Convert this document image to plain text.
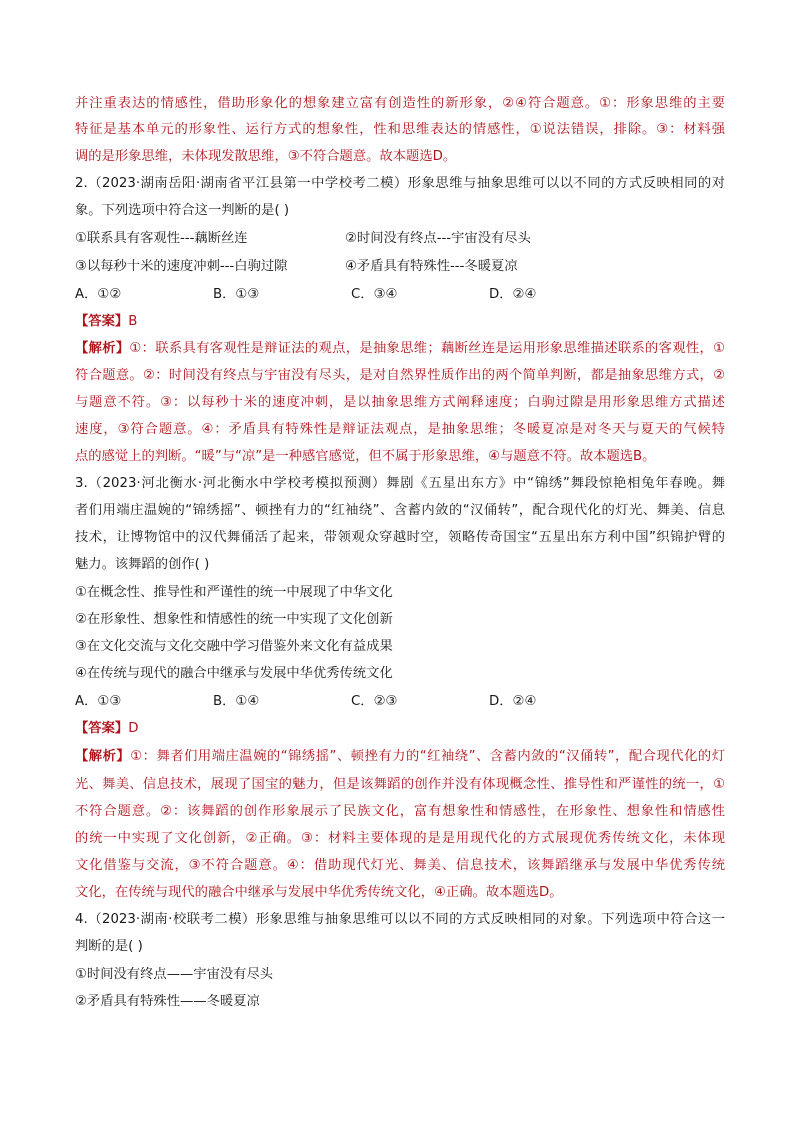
并注重表达的情感性，借助形象化的想象建立富有创造性的新形象，②④符合题意。①：形象思维的主要
特征是基本单元的形象性、运行方式的想象性，性和思维表达的情感性，①说法错误，排除。③：材料强
调的是形象思维，未体现发散思维，③不符合题意。故本题选D。
2.（2023·湖南岳阳·湖南省平江县第一中学校考二模）形象思维与抽象思维可以以不同的方式反映相同的对
象。下列选项中符合这一判断的是( )
①联系具有客观性---藕断丝连	②时间没有终点---宇宙没有尽头
③以每秒十米的速度冲刺---白驹过隙	④矛盾具有特殊性---冬暖夏凉
A．①②	B．①③	C．③④	D．②④
【答案】B
【解析】①：联系具有客观性是辩证法的观点，是抽象思维；藕断丝连是运用形象思维描述联系的客观性，①
符合题意。②：时间没有终点与宇宙没有尽头，是对自然界性质作出的两个简单判断，都是抽象思维方式，②
与题意不符。③：以每秒十米的速度冲刺，是以抽象思维方式阐释速度；白驹过隙是用形象思维方式描述
速度，③符合题意。④：矛盾具有特殊性是辩证法观点，是抽象思维；冬暖夏凉是对冬天与夏天的气候特
点的感觉上的判断。“暖”与“凉”是一种感官感觉，但不属于形象思维，④与题意不符。故本题选B。
3.（2023·河北衡水·河北衡水中学校考模拟预测）舞剧《五星出东方》中“锦绣”舞段惊艳相兔年春晚。舞
者们用端庄温婉的“锦绣摇”、顿挫有力的“红袖绕”、含蓄内敛的“汉俑转”，配合现代化的灯光、舞美、信息
技术，让博物馆中的汉代舞俑活了起来，带领观众穿越时空，领略传奇国宝“五星出东方利中国”织锦护臂的
魅力。该舞蹈的创作( )
①在概念性、推导性和严谨性的统一中展现了中华文化
②在形象性、想象性和情感性的统一中实现了文化创新
③在文化交流与文化交融中学习借鉴外来文化有益成果
④在传统与现代的融合中继承与发展中华优秀传统文化
A．①③	B．①④	C．②③	D．②④
【答案】D
【解析】①：舞者们用端庄温婉的“锦绣摇”、顿挫有力的“红袖绕”、含蓄内敛的“汉俑转”，配合现代化的灯
光、舞美、信息技术，展现了国宝的魅力，但是该舞蹈的创作并没有体现概念性、推导性和严谨性的统一，①
不符合题意。②：该舞蹈的创作形象展示了民族文化，富有想象性和情感性，在形象性、想象性和情感性
的统一中实现了文化创新，②正确。③：材料主要体现的是是用现代化的方式展现优秀传统文化，未体现
文化借鉴与交流，③不符合题意。④：借助现代灯光、舞美、信息技术，该舞蹈继承与发展中华优秀传统
文化，在传统与现代的融合中继承与发展中华优秀传统文化，④正确。故本题选D。
4.（2023·湖南·校联考二模）形象思维与抽象思维可以以不同的方式反映相同的对象。下列选项中符合这一
判断的是( )
①时间没有终点——宇宙没有尽头
②矛盾具有特殊性——冬暖夏凉
